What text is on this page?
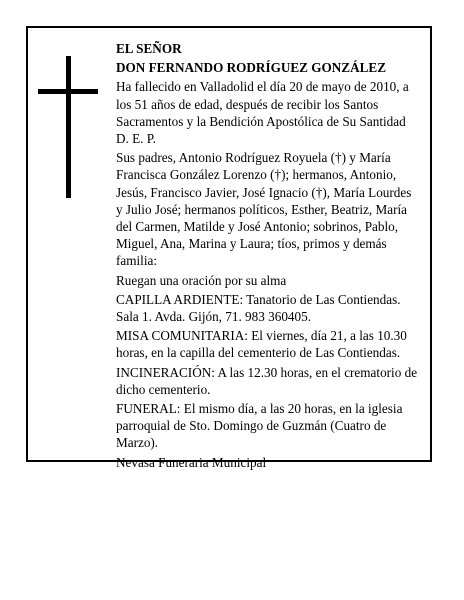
EL SEÑOR

DON FERNANDO RODRÍGUEZ GONZÁLEZ

Ha fallecido en Valladolid el día 20 de mayo de 2010, a los 51 años de edad, después de recibir los Santos Sacramentos y la Bendición Apostólica de Su Santidad D. E. P.

Sus padres, Antonio Rodríguez Royuela (†) y María Francisca González Lorenzo (†); hermanos, Antonio, Jesús, Francisco Javier, José Ignacio (†), María Lourdes y Julio José; hermanos políticos, Esther, Beatriz, María del Carmen, Matilde y José Antonio; sobrinos, Pablo, Miguel, Ana, Marina y Laura; tíos, primos y demás familia:

Ruegan una oración por su alma

CAPILLA ARDIENTE: Tanatorio de Las Contiendas. Sala 1. Avda. Gijón, 71. 983 360405.

MISA COMUNITARIA: El viernes, día 21, a las 10.30 horas, en la capilla del cementerio de Las Contiendas.

INCINERACIÓN: A las 12.30 horas, en el crematorio de dicho cementerio.

FUNERAL: El mismo día, a las 20 horas, en la iglesia parroquial de Sto. Domingo de Guzmán (Cuatro de Marzo).

Nevasa Funeraria Municipal
